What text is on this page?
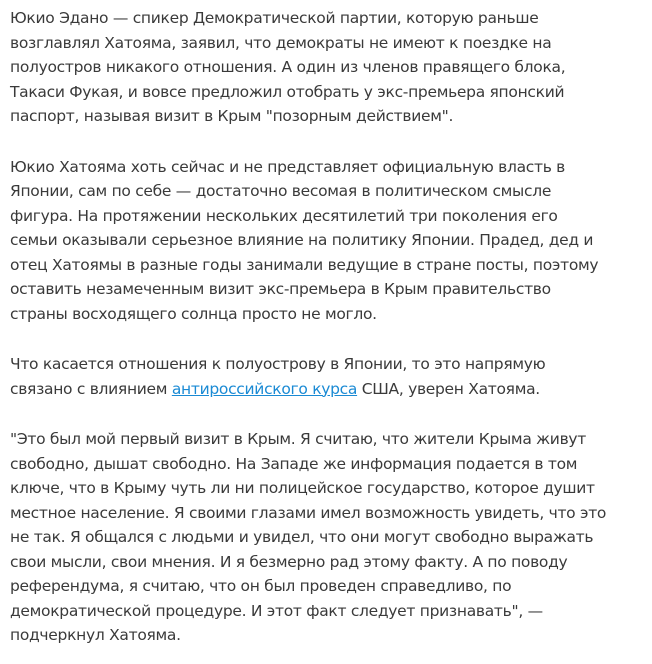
Юкио Эдано — спикер Демократической партии, которую раньше
возглавлял Хатояма, заявил, что демократы не имеют к поездке на
полуостров никакого отношения. А один из членов правящего блока,
Такаси Фукая, и вовсе предложил отобрать у экс-премьера японский
паспорт, называя визит в Крым "позорным действием".

Юкио Хатояма хоть сейчас и не представляет официальную власть в
Японии, сам по себе — достаточно весомая в политическом смысле
фигура. На протяжении нескольких десятилетий три поколения его
семьи оказывали серьезное влияние на политику Японии. Прадед, дед и
отец Хатоямы в разные годы занимали ведущие в стране посты, поэтому
оставить незамеченным визит экс-премьера в Крым правительство
страны восходящего солнца просто не могло.

Что касается отношения к полуострову в Японии, то это напрямую
связано с влиянием антироссийского курса США, уверен Хатояма.

"Это был мой первый визит в Крым. Я считаю, что жители Крыма живут
свободно, дышат свободно. На Западе же информация подается в том
ключе, что в Крыму чуть ли ни полицейское государство, которое душит
местное население. Я своими глазами имел возможность увидеть, что это
не так. Я общался с людьми и увидел, что они могут свободно выражать
свои мысли, свои мнения. И я безмерно рад этому факту. А по поводу
референдума, я считаю, что он был проведен справедливо, по
демократической процедуре. И этот факт следует признавать", —
подчеркнул Хатояма.
